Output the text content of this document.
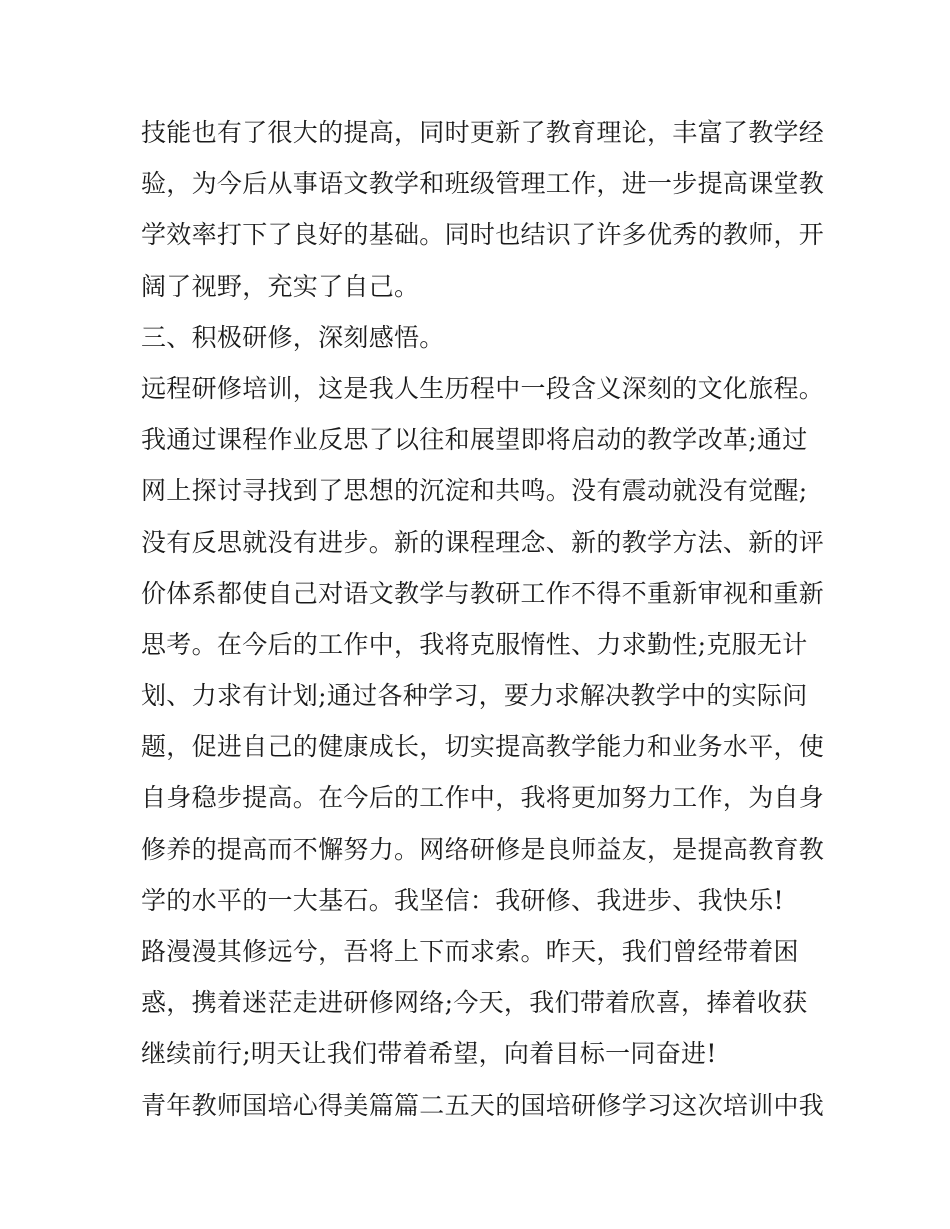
技能也有了很大的提高，同时更新了教育理论，丰富了教学经
验，为今后从事语文教学和班级管理工作，进一步提高课堂教
学效率打下了良好的基础。同时也结识了许多优秀的教师，开
阔了视野，充实了自己。
三、积极研修，深刻感悟。
远程研修培训，这是我人生历程中一段含义深刻的文化旅程。
我通过课程作业反思了以往和展望即将启动的教学改革;通过
网上探讨寻找到了思想的沉淀和共鸣。没有震动就没有觉醒;
没有反思就没有进步。新的课程理念、新的教学方法、新的评
价体系都使自己对语文教学与教研工作不得不重新审视和重新
思考。在今后的工作中，我将克服惰性、力求勤性;克服无计
划、力求有计划;通过各种学习，要力求解决教学中的实际问
题，促进自己的健康成长，切实提高教学能力和业务水平，使
自身稳步提高。在今后的工作中，我将更加努力工作，为自身
修养的提高而不懈努力。网络研修是良师益友，是提高教育教
学的水平的一大基石。我坚信：我研修、我进步、我快乐!
路漫漫其修远兮，吾将上下而求索。昨天，我们曾经带着困
惑，携着迷茫走进研修网络;今天，我们带着欣喜，捧着收获
继续前行;明天让我们带着希望，向着目标一同奋进!
青年教师国培心得美篇篇二五天的国培研修学习这次培训中我
